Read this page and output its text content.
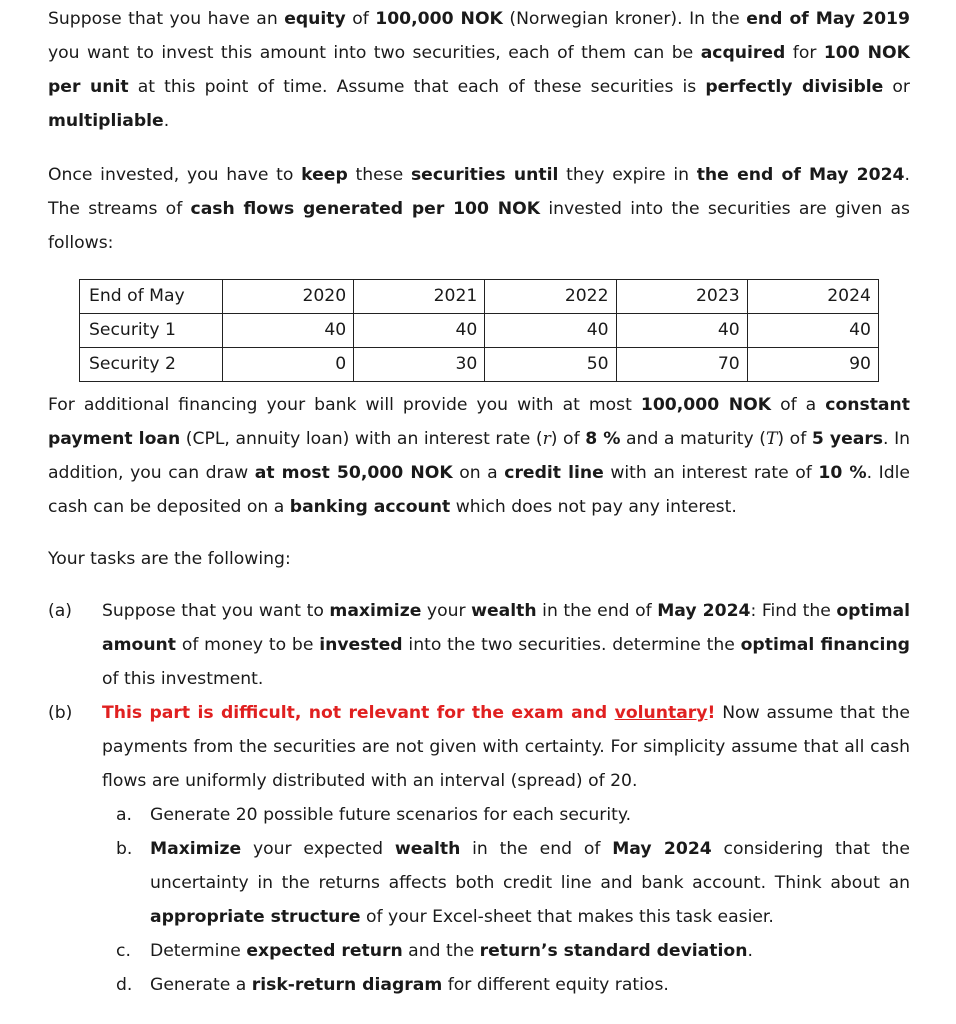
Suppose that you have an equity of 100,000 NOK (Norwegian kroner). In the end of May 2019 you want to invest this amount into two securities, each of them can be acquired for 100 NOK per unit at this point of time. Assume that each of these securities is perfectly divisible or multipliable.

Once invested, you have to keep these securities until they expire in the end of May 2024. The streams of cash flows generated per 100 NOK invested into the securities are given as follows:

End of May	2020	2021	2022	2023	2024
Security 1	40	40	40	40	40
Security 2	0	30	50	70	90

For additional financing your bank will provide you with at most 100,000 NOK of a constant payment loan (CPL, annuity loan) with an interest rate (r) of 8 % and a maturity (T) of 5 years. In addition, you can draw at most 50,000 NOK on a credit line with an interest rate of 10 %. Idle cash can be deposited on a banking account which does not pay any interest.

Your tasks are the following:

(a) Suppose that you want to maximize your wealth in the end of May 2024: Find the optimal amount of money to be invested into the two securities. determine the optimal financing of this investment.

(b) This part is difficult, not relevant for the exam and voluntary! Now assume that the payments from the securities are not given with certainty. For simplicity assume that all cash flows are uniformly distributed with an interval (spread) of 20.

a. Generate 20 possible future scenarios for each security.

b. Maximize your expected wealth in the end of May 2024 considering that the uncertainty in the returns affects both credit line and bank account. Think about an appropriate structure of your Excel-sheet that makes this task easier.

c. Determine expected return and the return’s standard deviation.

d. Generate a risk-return diagram for different equity ratios.
